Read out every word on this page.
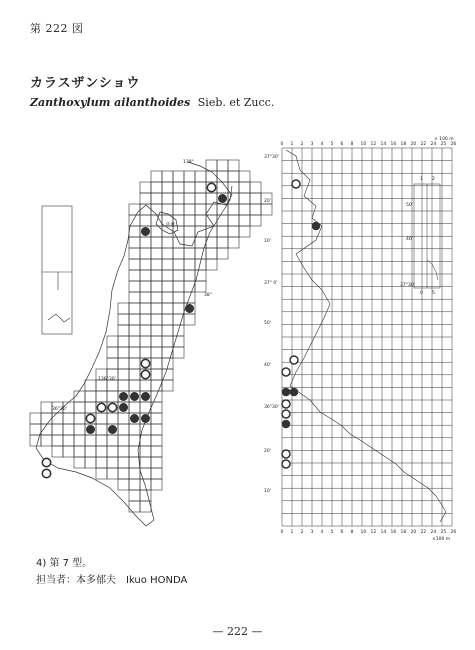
第 222 図
カラスザンショウ
Zanthoxylum ailanthoides Sieb. et Zucc.
139°
38°
136°30'
36°30'
佐渡
0
0
1
1
2
2
3
3
4
4
5
5
6
6
8
8
10
10
12
12
14
14
16
16
18
18
20
20
22
22
24
24
25
25
26
26
× 100 m
×100 m
37°30'
20'
10'
37° 0'
50'
40'
36°30'
20'
10'
1 2
50'
40'
37°30'
0 5
4) 第 7 型。
担当者：本多郁夫　Ikuo HONDA
— 222 —
